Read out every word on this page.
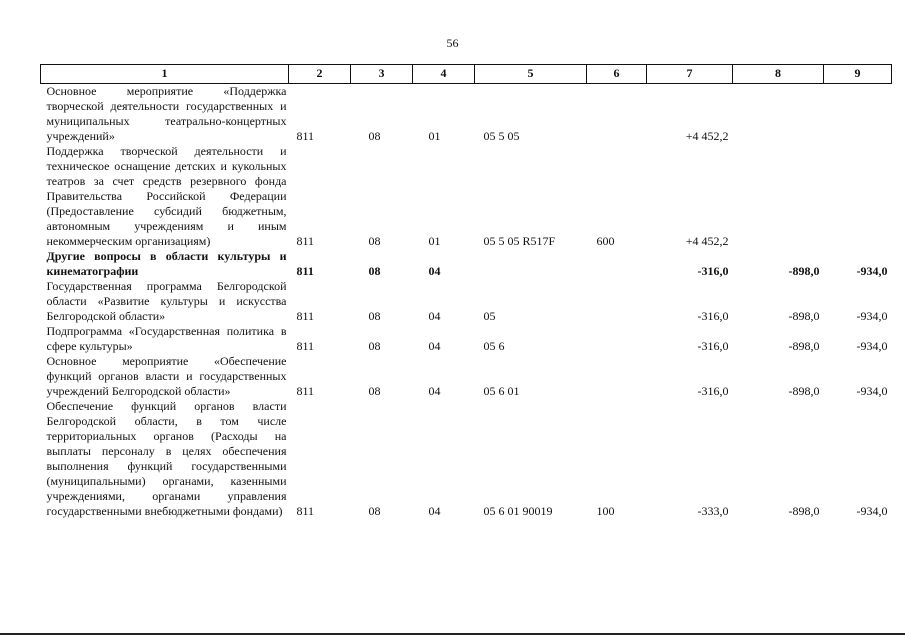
56
1	2	3	4	5	6	7	8	9
Основное мероприятие «Поддержка творческой деятельности государственных и муниципальных театрально-концертных учреждений»	811	08	01	05 5 05		+4 452,2		
Поддержка творческой деятельности и техническое оснащение детских и кукольных театров за счет средств резервного фонда Правительства Российской Федерации (Предоставление субсидий бюджетным, автономным учреждениям и иным некоммерческим организациям)	811	08	01	05 5 05 R517F	600	+4 452,2		
Другие вопросы в области культуры и кинематографии	811	08	04			-316,0	-898,0	-934,0
Государственная программа Белгородской области «Развитие культуры и искусства Белгородской области»	811	08	04	05		-316,0	-898,0	-934,0
Подпрограмма «Государственная политика в сфере культуры»	811	08	04	05 6		-316,0	-898,0	-934,0
Основное мероприятие «Обеспечение функций органов власти и государственных учреждений Белгородской области»	811	08	04	05 6 01		-316,0	-898,0	-934,0
Обеспечение функций органов власти Белгородской области, в том числе территориальных органов (Расходы на выплаты персоналу в целях обеспечения выполнения функций государственными (муниципальными) органами, казенными учреждениями, органами управления государственными внебюджетными фондами)	811	08	04	05 6 01 90019	100	-333,0	-898,0	-934,0
